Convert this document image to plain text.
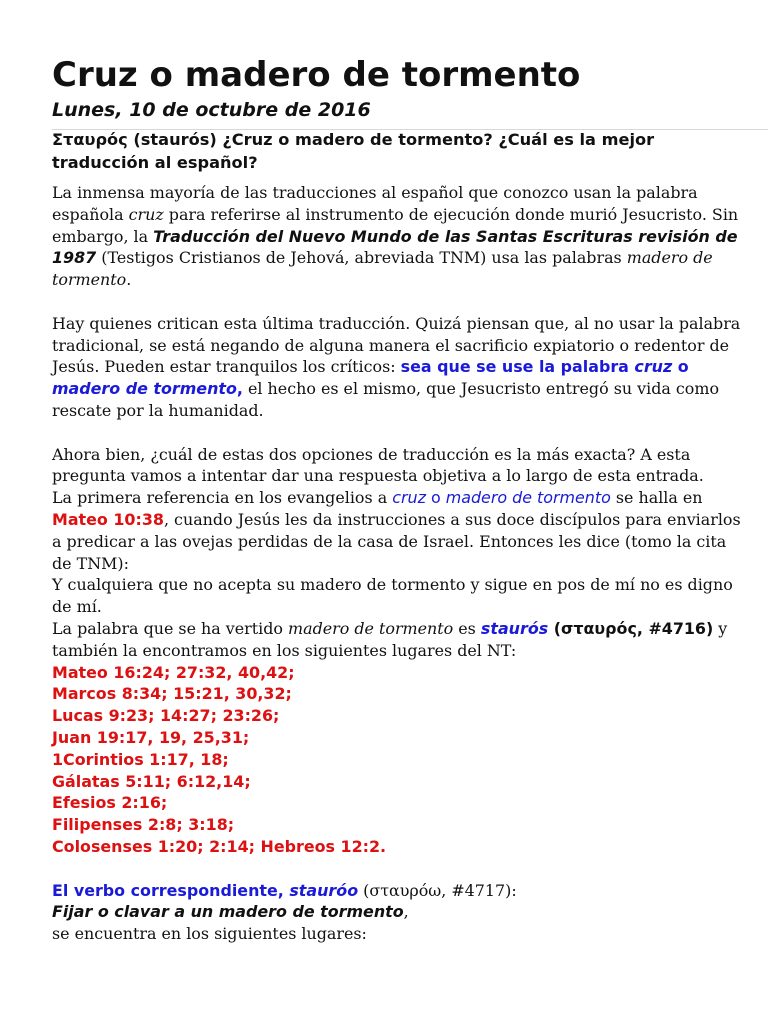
Cruz o madero de tormento
Lunes, 10 de octubre de 2016
Σταυρός (staurós) ¿Cruz o madero de tormento? ¿Cuál es la mejor traducción al español?

La inmensa mayoría de las traducciones al español que conozco usan la palabra española cruz para referirse al instrumento de ejecución donde murió Jesucristo. Sin embargo, la Traducción del Nuevo Mundo de las Santas Escrituras revisión de 1987 (Testigos Cristianos de Jehová, abreviada TNM) usa las palabras madero de tormento.

Hay quienes critican esta última traducción. Quizá piensan que, al no usar la palabra tradicional, se está negando de alguna manera el sacrificio expiatorio o redentor de Jesús. Pueden estar tranquilos los críticos: sea que se use la palabra cruz o madero de tormento, el hecho es el mismo, que Jesucristo entregó su vida como rescate por la humanidad.

Ahora bien, ¿cuál de estas dos opciones de traducción es la más exacta? A esta pregunta vamos a intentar dar una respuesta objetiva a lo largo de esta entrada.

La primera referencia en los evangelios a cruz o madero de tormento se halla en Mateo 10:38, cuando Jesús les da instrucciones a sus doce discípulos para enviarlos a predicar a las ovejas perdidas de la casa de Israel. Entonces les dice (tomo la cita de TNM):

Y cualquiera que no acepta su madero de tormento y sigue en pos de mí no es digno de mí.

La palabra que se ha vertido madero de tormento es staurós (σταυρός, #4716) y también la encontramos en los siguientes lugares del NT:

Mateo 16:24; 27:32, 40,42;
Marcos 8:34; 15:21, 30,32;
Lucas 9:23; 14:27; 23:26;
Juan 19:17, 19, 25,31;
1Corintios 1:17, 18;
Gálatas 5:11; 6:12,14;
Efesios 2:16;
Filipenses 2:8; 3:18;
Colosenses 1:20; 2:14; Hebreos 12:2.

El verbo correspondiente, stauróo (σταυρόω, #4717):

Fijar o clavar a un madero de tormento,

se encuentra en los siguientes lugares:
